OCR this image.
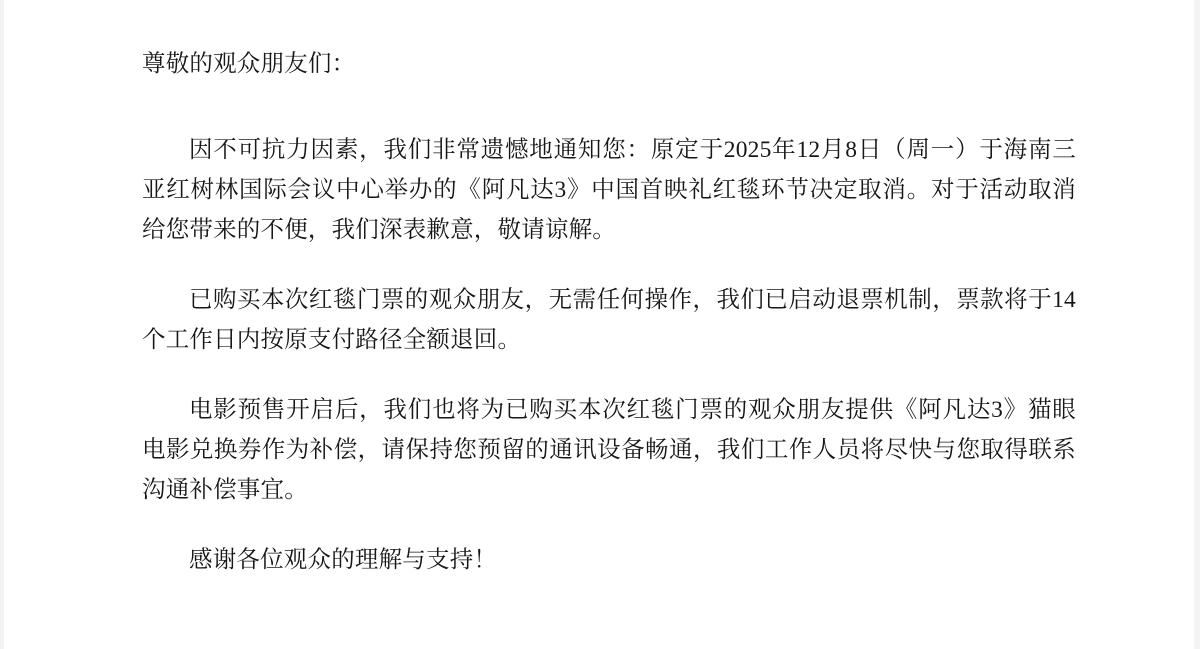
尊敬的观众朋友们：

因不可抗力因素，我们非常遗憾地通知您：原定于2025年12月8日（周一）于海南三亚红树林国际会议中心举办的《阿凡达3》中国首映礼红毯环节决定取消。对于活动取消给您带来的不便，我们深表歉意，敬请谅解。

已购买本次红毯门票的观众朋友，无需任何操作，我们已启动退票机制，票款将于14个工作日内按原支付路径全额退回。

电影预售开启后，我们也将为已购买本次红毯门票的观众朋友提供《阿凡达3》猫眼电影兑换券作为补偿，请保持您预留的通讯设备畅通，我们工作人员将尽快与您取得联系沟通补偿事宜。

感谢各位观众的理解与支持！
